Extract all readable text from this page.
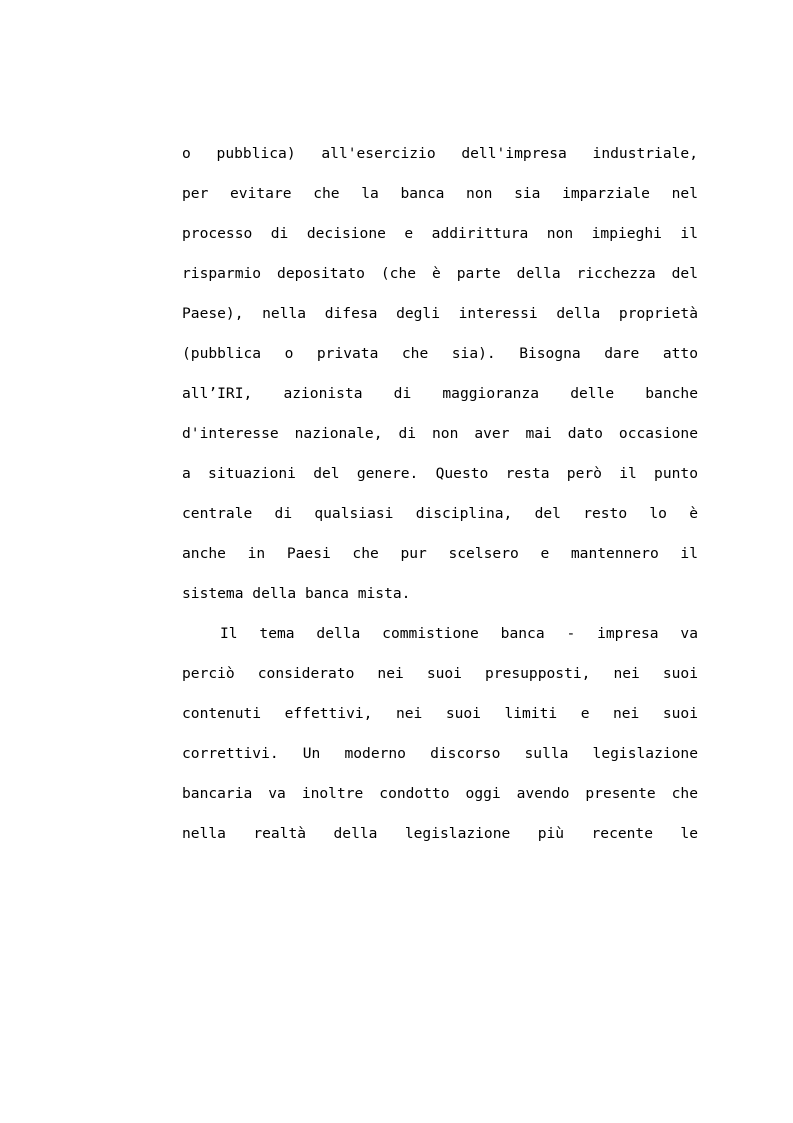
o pubblica) all'esercizio dell'impresa industriale,
per evitare che la banca non sia imparziale nel
processo di decisione e addirittura non impieghi il
risparmio depositato (che è parte della ricchezza del
Paese), nella difesa degli interessi della proprietà
(pubblica o privata che sia). Bisogna dare atto
all’IRI, azionista di maggioranza delle banche
d'interesse nazionale, di non aver mai dato occasione
a situazioni del genere. Questo resta però il punto
centrale di qualsiasi disciplina, del resto lo è
anche in Paesi che pur scelsero e mantennero il
sistema della banca mista.
Il tema della commistione banca - impresa va
perciò considerato nei suoi presupposti, nei suoi
contenuti effettivi, nei suoi limiti e nei suoi
correttivi. Un moderno discorso sulla legislazione
bancaria va inoltre condotto oggi avendo presente che
nella realtà della legislazione più recente le
